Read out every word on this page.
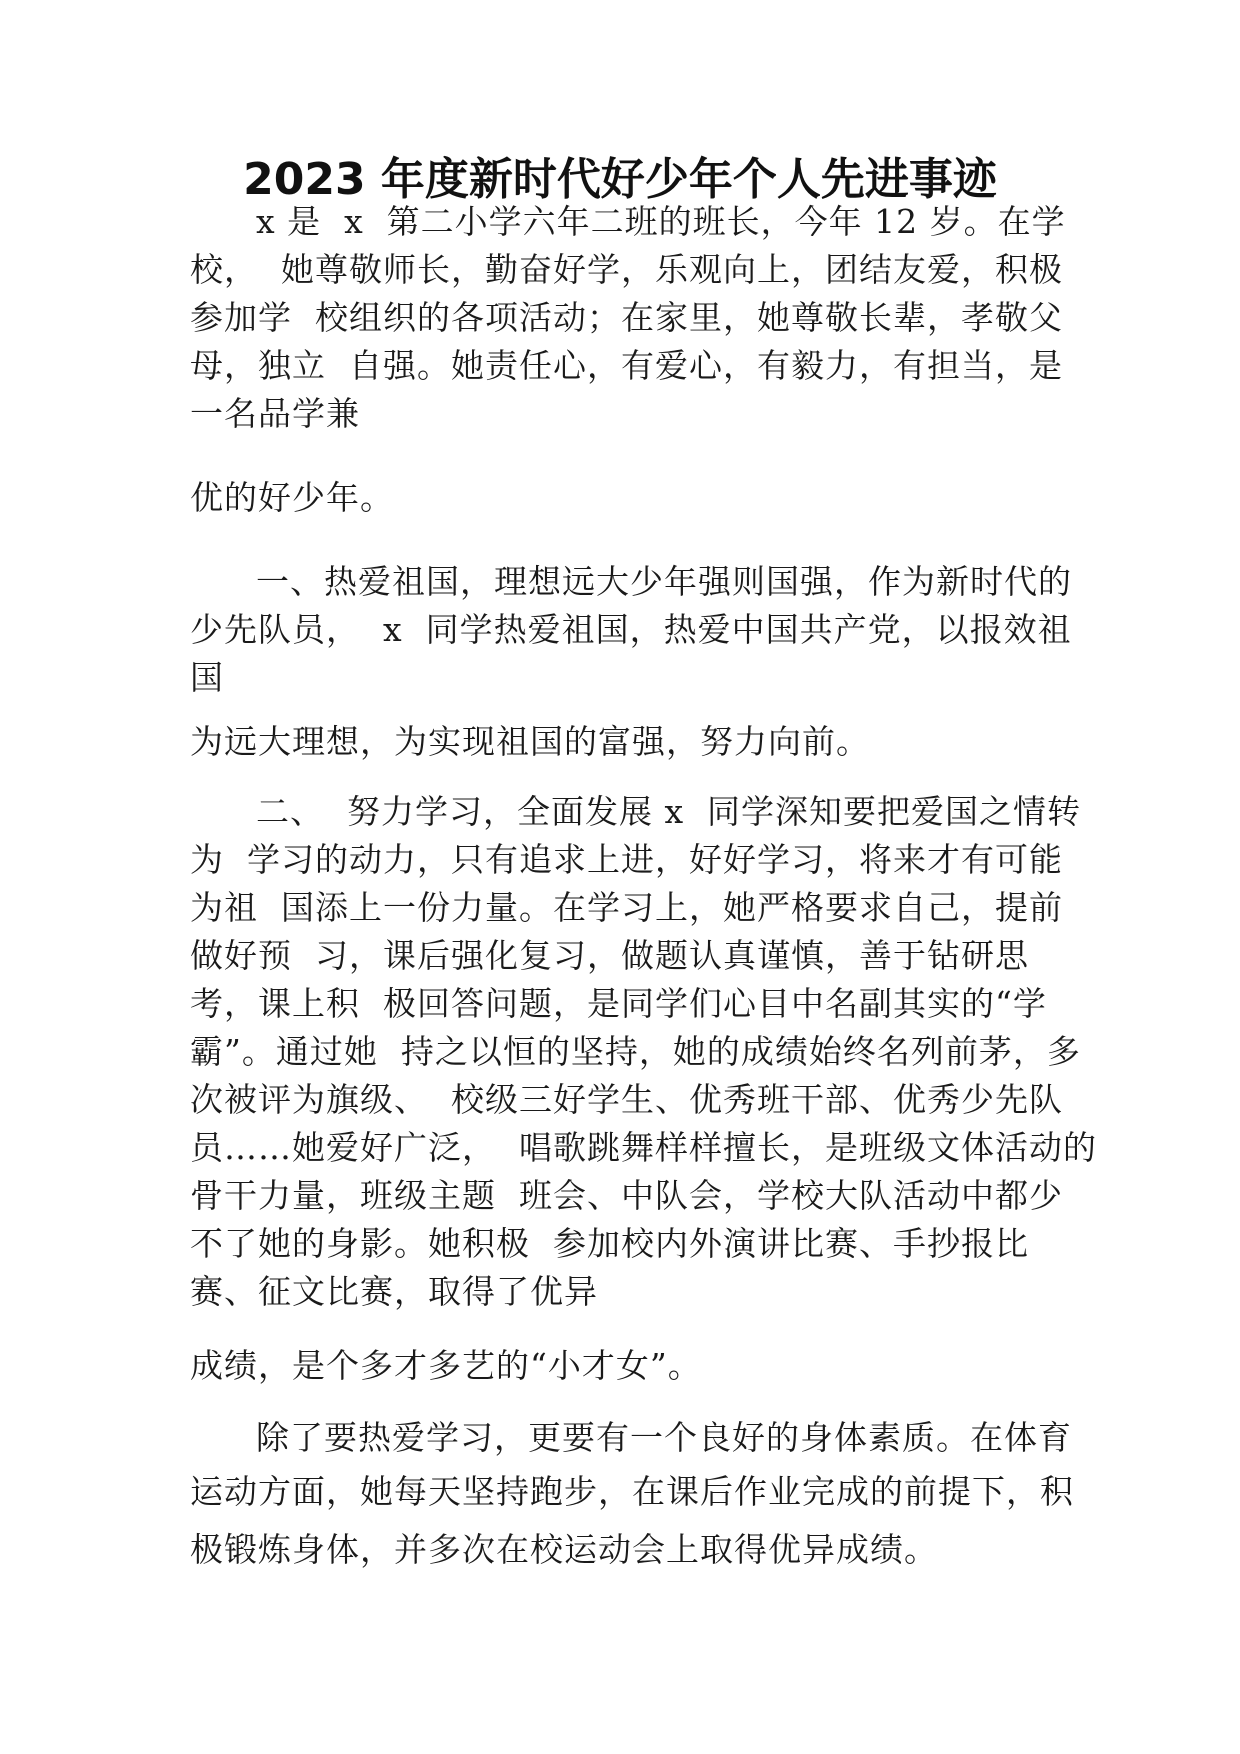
2023 年度新时代好少年个人先进事迹
x 是  x  第二小学六年二班的班长，今年 12 岁。在学
校，  她尊敬师长，勤奋好学，乐观向上，团结友爱，积极
参加学  校组织的各项活动；在家里，她尊敬长辈，孝敬父
母，独立  自强。她责任心，有爱心，有毅力，有担当，是
一名品学兼
优的好少年。
一、热爱祖国，理想远大少年强则国强，作为新时代的
少先队员，  x  同学热爱祖国，热爱中国共产党，以报效祖
国
为远大理想，为实现祖国的富强，努力向前。
二、  努力学习，全面发展 x  同学深知要把爱国之情转
为  学习的动力，只有追求上进，好好学习，将来才有可能
为祖  国添上一份力量。在学习上，她严格要求自己，提前
做好预  习，课后强化复习，做题认真谨慎，善于钻研思
考，课上积  极回答问题，是同学们心目中名副其实的“学
霸”。通过她  持之以恒的坚持，她的成绩始终名列前茅，多
次被评为旗级、  校级三好学生、优秀班干部、优秀少先队
员……她爱好广泛，  唱歌跳舞样样擅长，是班级文体活动的
骨干力量，班级主题  班会、中队会，学校大队活动中都少
不了她的身影。她积极  参加校内外演讲比赛、手抄报比
赛、征文比赛，取得了优异
成绩，是个多才多艺的“小才女”。
除了要热爱学习，更要有一个良好的身体素质。在体育
运动方面，她每天坚持跑步，在课后作业完成的前提下，积
极锻炼身体，并多次在校运动会上取得优异成绩。
